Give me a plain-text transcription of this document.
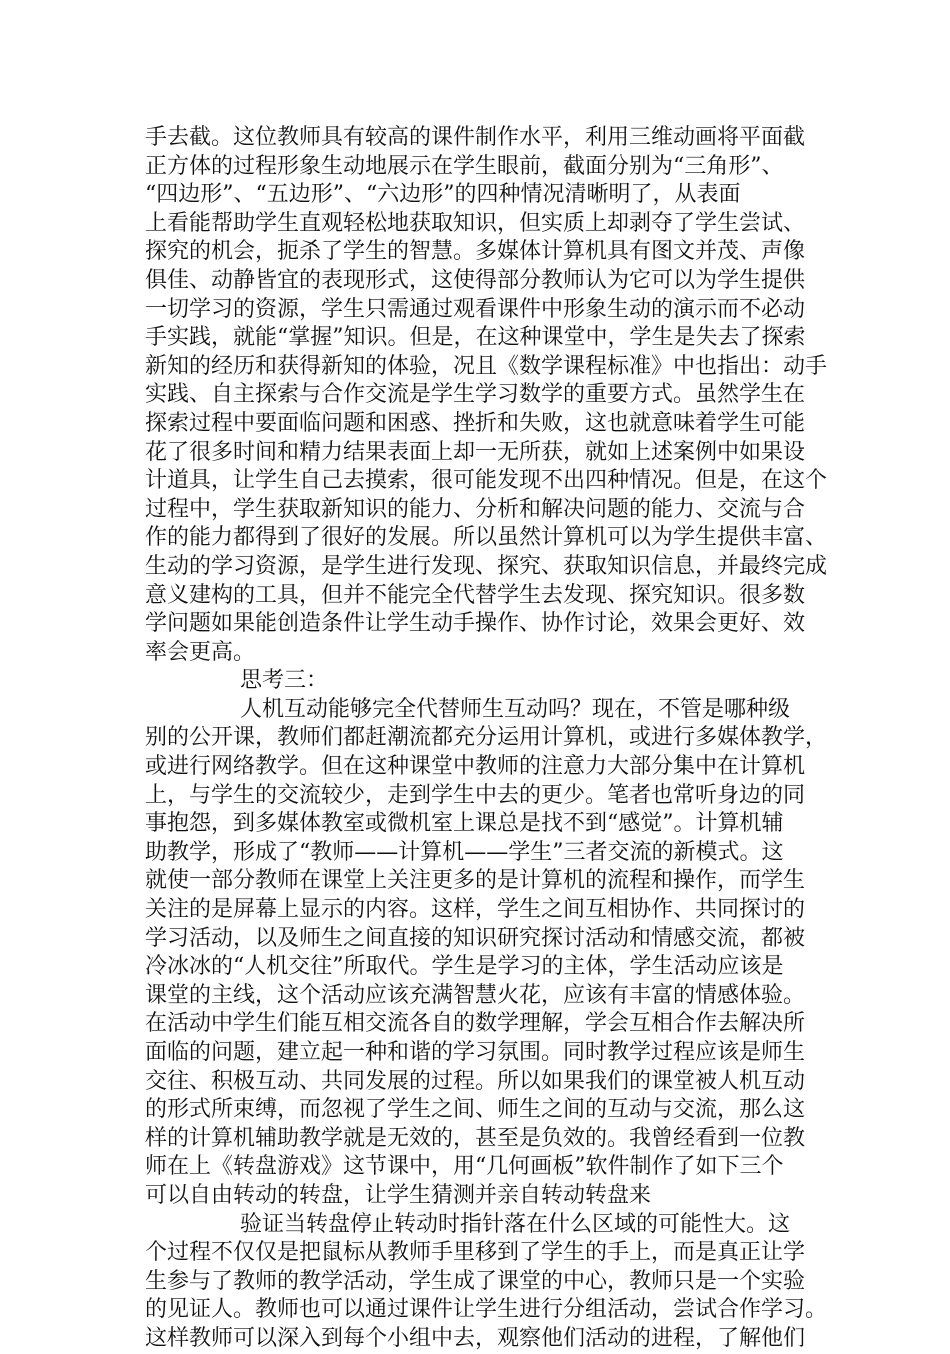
手去截。这位教师具有较高的课件制作水平，利用三维动画将平面截
正方体的过程形象生动地展示在学生眼前，截面分别为“三角形”、
“四边形”、“五边形”、“六边形”的四种情况清晰明了，从表面
上看能帮助学生直观轻松地获取知识，但实质上却剥夺了学生尝试、
探究的机会，扼杀了学生的智慧。多媒体计算机具有图文并茂、声像
俱佳、动静皆宜的表现形式，这使得部分教师认为它可以为学生提供
一切学习的资源，学生只需通过观看课件中形象生动的演示而不必动
手实践，就能“掌握”知识。但是，在这种课堂中，学生是失去了探索
新知的经历和获得新知的体验，况且《数学课程标准》中也指出：动手
实践、自主探索与合作交流是学生学习数学的重要方式。虽然学生在
探索过程中要面临问题和困惑、挫折和失败，这也就意味着学生可能
花了很多时间和精力结果表面上却一无所获，就如上述案例中如果设
计道具，让学生自己去摸索，很可能发现不出四种情况。但是，在这个
过程中，学生获取新知识的能力、分析和解决问题的能力、交流与合
作的能力都得到了很好的发展。所以虽然计算机可以为学生提供丰富、
生动的学习资源，是学生进行发现、探究、获取知识信息，并最终完成
意义建构的工具，但并不能完全代替学生去发现、探究知识。很多数
学问题如果能创造条件让学生动手操作、协作讨论，效果会更好、效
率会更高。
思考三：
人机互动能够完全代替师生互动吗？现在，不管是哪种级
别的公开课，教师们都赶潮流都充分运用计算机，或进行多媒体教学，
或进行网络教学。但在这种课堂中教师的注意力大部分集中在计算机
上，与学生的交流较少，走到学生中去的更少。笔者也常听身边的同
事抱怨，到多媒体教室或微机室上课总是找不到“感觉”。计算机辅
助教学，形成了“教师——计算机——学生”三者交流的新模式。这
就使一部分教师在课堂上关注更多的是计算机的流程和操作，而学生
关注的是屏幕上显示的内容。这样，学生之间互相协作、共同探讨的
学习活动，以及师生之间直接的知识研究探讨活动和情感交流，都被
冷冰冰的“人机交往”所取代。学生是学习的主体，学生活动应该是
课堂的主线，这个活动应该充满智慧火花，应该有丰富的情感体验。
在活动中学生们能互相交流各自的数学理解，学会互相合作去解决所
面临的问题，建立起一种和谐的学习氛围。同时教学过程应该是师生
交往、积极互动、共同发展的过程。所以如果我们的课堂被人机互动
的形式所束缚，而忽视了学生之间、师生之间的互动与交流，那么这
样的计算机辅助教学就是无效的，甚至是负效的。我曾经看到一位教
师在上《转盘游戏》这节课中，用“几何画板”软件制作了如下三个
可以自由转动的转盘，让学生猜测并亲自转动转盘来
验证当转盘停止转动时指针落在什么区域的可能性大。这
个过程不仅仅是把鼠标从教师手里移到了学生的手上，而是真正让学
生参与了教师的教学活动，学生成了课堂的中心，教师只是一个实验
的见证人。教师也可以通过课件让学生进行分组活动，尝试合作学习。
这样教师可以深入到每个小组中去，观察他们活动的进程，了解他们
